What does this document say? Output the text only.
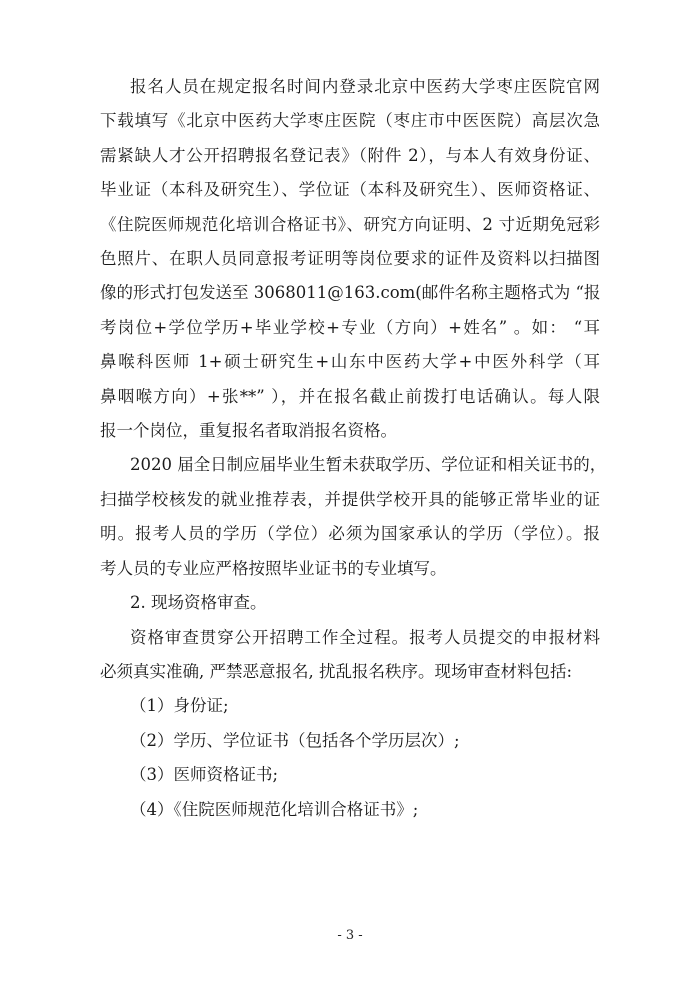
报名人员在规定报名时间内登录北京中医药大学枣庄医院官网
下载填写《北京中医药大学枣庄医院（枣庄市中医医院）高层次急
需紧缺人才公开招聘报名登记表》（附件 2），与本人有效身份证、
毕业证（本科及研究生）、学位证（本科及研究生）、医师资格证、
《住院医师规范化培训合格证书》、研究方向证明、2 寸近期免冠彩
色照片、在职人员同意报考证明等岗位要求的证件及资料以扫描图
像的形式打包发送至 3068011@163.com(邮件名称主题格式为 “报
考岗位+学位学历+毕业学校+专业（方向）+姓名” 。如： “耳
鼻喉科医师 1+硕士研究生+山东中医药大学+中医外科学（耳
鼻咽喉方向）+张**” ），并在报名截止前拨打电话确认。每人限
报一个岗位，重复报名者取消报名资格。

2020 届全日制应届毕业生暂未获取学历、学位证和相关证书的，
扫描学校核发的就业推荐表，并提供学校开具的能够正常毕业的证
明。报考人员的学历（学位）必须为国家承认的学历（学位）。报
考人员的专业应严格按照毕业证书的专业填写。

2. 现场资格审查。

资格审查贯穿公开招聘工作全过程。报考人员提交的申报材料
必须真实准确, 严禁恶意报名, 扰乱报名秩序。现场审查材料包括:

（1）身份证;

（2）学历、学位证书（包括各个学历层次）;

（3）医师资格证书;

（4）《住院医师规范化培训合格证书》;

- 3 -
